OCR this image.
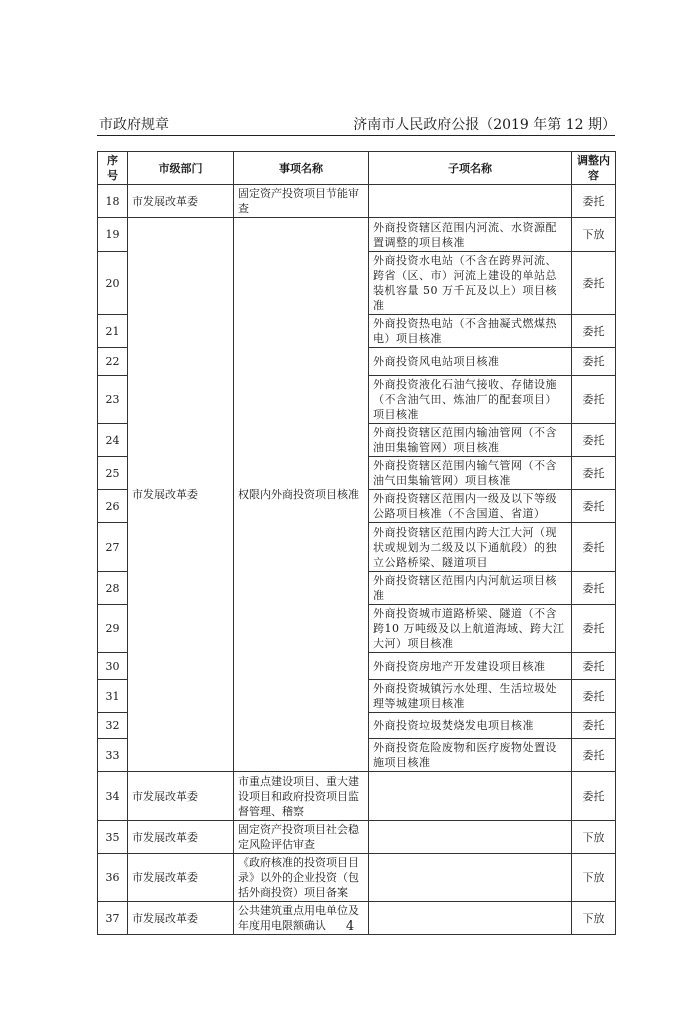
市政府规章	济南市人民政府公报（2019 年第 12 期）
序号	市级部门	事项名称	子项名称	调整内容
18	市发展改革委	固定资产投资项目节能审查		委托
19	市发展改革委	权限内外商投资项目核准	外商投资辖区范围内河流、水资源配置调整的项目核准	下放
20			外商投资水电站（不含在跨界河流、跨省（区、市）河流上建设的单站总装机容量 50 万千瓦及以上）项目核准	委托
21			外商投资热电站（不含抽凝式燃煤热电）项目核准	委托
22			外商投资风电站项目核准	委托
23			外商投资液化石油气接收、存储设施（不含油气田、炼油厂的配套项目）项目核准	委托
24			外商投资辖区范围内输油管网（不含油田集输管网）项目核准	委托
25			外商投资辖区范围内输气管网（不含油气田集输管网）项目核准	委托
26			外商投资辖区范围内一级及以下等级公路项目核准（不含国道、省道）	委托
27			外商投资辖区范围内跨大江大河（现状或规划为二级及以下通航段）的独立公路桥梁、隧道项目	委托
28			外商投资辖区范围内内河航运项目核准	委托
29			外商投资城市道路桥梁、隧道（不含跨10 万吨级及以上航道海域、跨大江大河）项目核准	委托
30			外商投资房地产开发建设项目核准	委托
31			外商投资城镇污水处理、生活垃圾处理等城建项目核准	委托
32			外商投资垃圾焚烧发电项目核准	委托
33			外商投资危险废物和医疗废物处置设施项目核准	委托
34	市发展改革委	市重点建设项目、重大建设项目和政府投资项目监督管理、稽察		委托
35	市发展改革委	固定资产投资项目社会稳定风险评估审查		下放
36	市发展改革委	《政府核准的投资项目目录》以外的企业投资（包括外商投资）项目备案		下放
37	市发展改革委	公共建筑重点用电单位及年度用电限额确认		下放
4
